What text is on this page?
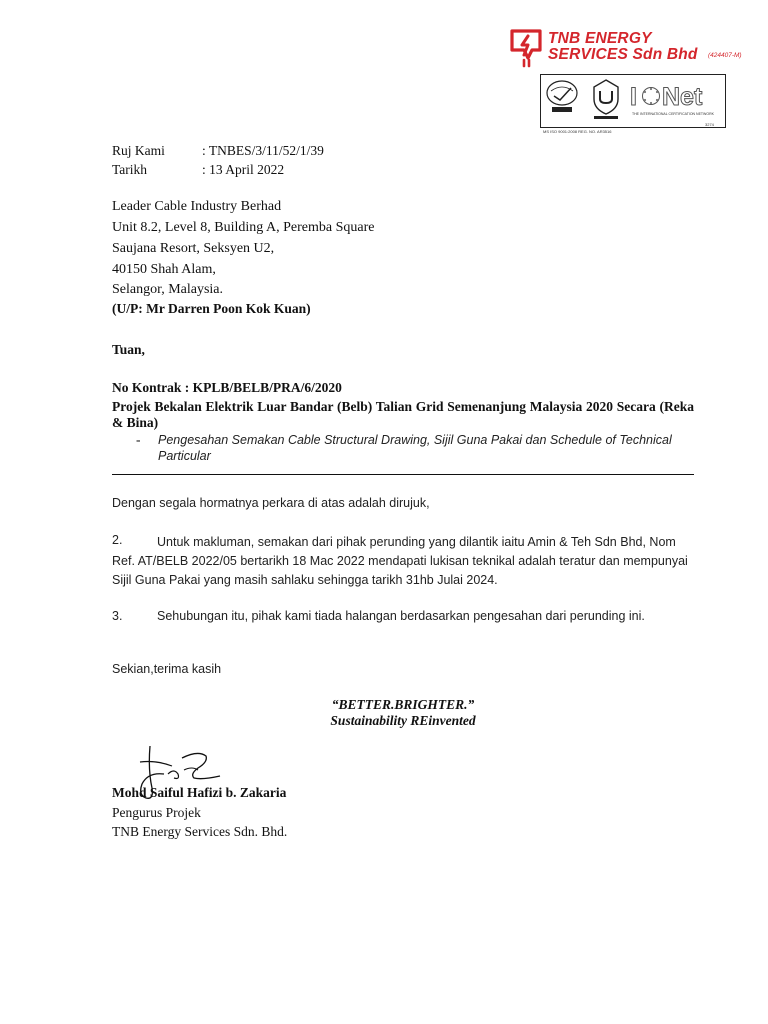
TNB ENERGY
SERVICES Sdn Bhd (424407-M)
I Net
MS ISO 9001:2008 REG. NO. AR3516
THE INTERNATIONAL CERTIFICATION NETWORK
3274
Ruj Kami	: TNBES/3/11/52/1/39
Tarikh	: 13 April 2022
Leader Cable Industry Berhad
Unit 8.2, Level 8, Building A, Peremba Square
Saujana Resort, Seksyen U2,
40150 Shah Alam,
Selangor, Malaysia.
(U/P: Mr Darren Poon Kok Kuan)
Tuan,
No Kontrak : KPLB/BELB/PRA/6/2020
Projek Bekalan Elektrik Luar Bandar (Belb) Talian Grid Semenanjung Malaysia 2020 Secara (Reka & Bina)
- Pengesahan Semakan Cable Structural Drawing, Sijil Guna Pakai dan Schedule of Technical Particular
Dengan segala hormatnya perkara di atas adalah dirujuk,
2.	Untuk makluman, semakan dari pihak perunding yang dilantik iaitu Amin & Teh Sdn Bhd, Nom Ref. AT/BELB 2022/05 bertarikh 18 Mac 2022 mendapati lukisan teknikal adalah teratur dan mempunyai Sijil Guna Pakai yang masih sahlaku sehingga tarikh 31hb Julai 2024.
3.	Sehubungan itu, pihak kami tiada halangan berdasarkan pengesahan dari perunding ini.
Sekian,terima kasih
“BETTER.BRIGHTER.”
Sustainability REinvented
Mohd Saiful Hafizi b. Zakaria
Pengurus Projek
TNB Energy Services Sdn. Bhd.
